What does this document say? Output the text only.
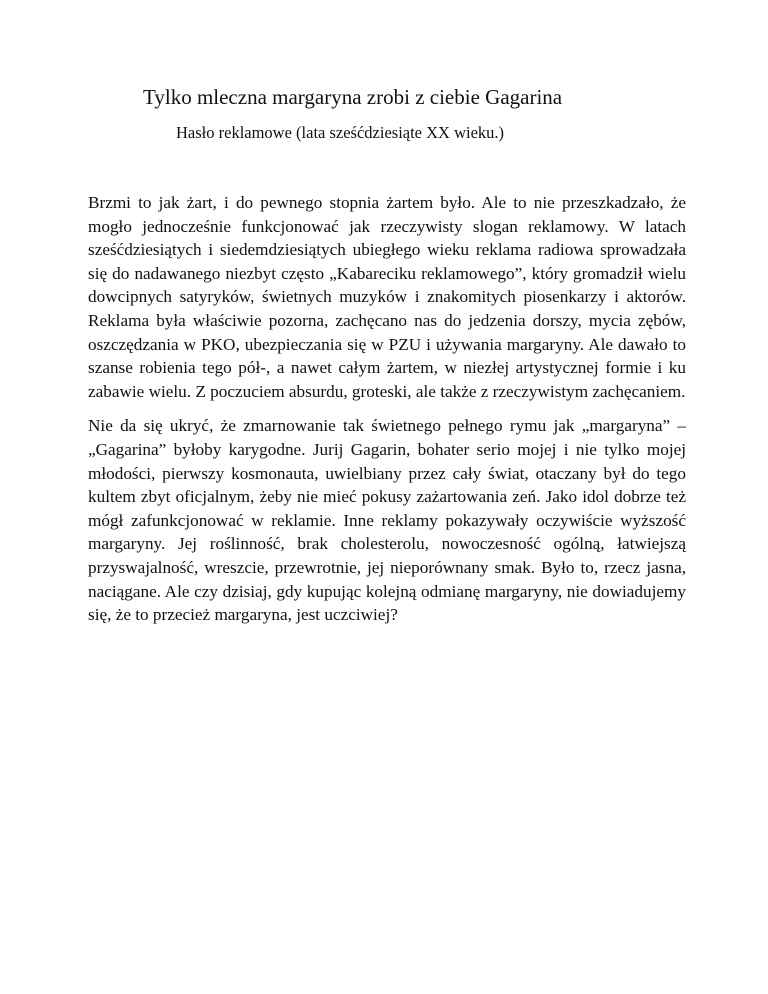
Tylko mleczna margaryna zrobi z ciebie Gagarina
Hasło reklamowe (lata sześćdziesiąte XX wieku.)

Brzmi to jak żart, i do pewnego stopnia żartem było. Ale to nie przeszkadzało, że mogło jednocześnie funkcjonować jak rzeczywisty slogan reklamowy. W latach sześćdziesiątych i siedemdziesiątych ubiegłego wieku reklama radiowa sprowadzała się do nadawanego niezbyt często „Kabareciku reklamowego”, który gromadził wielu dowcipnych satyryków, świetnych muzyków i znakomitych piosenkarzy i aktorów. Reklama była właściwie pozorna, zachęcano nas do jedzenia dorszy, mycia zębów, oszczędzania w PKO, ubezpieczania się w PZU i używania margaryny. Ale dawało to szanse robienia tego pół-, a nawet całym żartem, w niezłej artystycznej formie i ku zabawie wielu. Z poczuciem absurdu, groteski, ale także z rzeczywistym zachęcaniem.

Nie da się ukryć, że zmarnowanie tak świetnego pełnego rymu jak „margaryna” – „Gagarina” byłoby karygodne. Jurij Gagarin, bohater serio mojej i nie tylko mojej młodości, pierwszy kosmonauta, uwielbiany przez cały świat, otaczany był do tego kultem zbyt oficjalnym, żeby nie mieć pokusy zażartowania zeń. Jako idol dobrze też mógł zafunkcjonować w reklamie. Inne reklamy pokazywały oczywiście wyższość margaryny. Jej roślinność, brak cholesterolu, nowoczesność ogólną, łatwiejszą przyswajalność, wreszcie, przewrotnie, jej nieporównany smak. Było to, rzecz jasna, naciągane. Ale czy dzisiaj, gdy kupując kolejną odmianę margaryny, nie dowiadujemy się, że to przecież margaryna, jest uczciwiej?
